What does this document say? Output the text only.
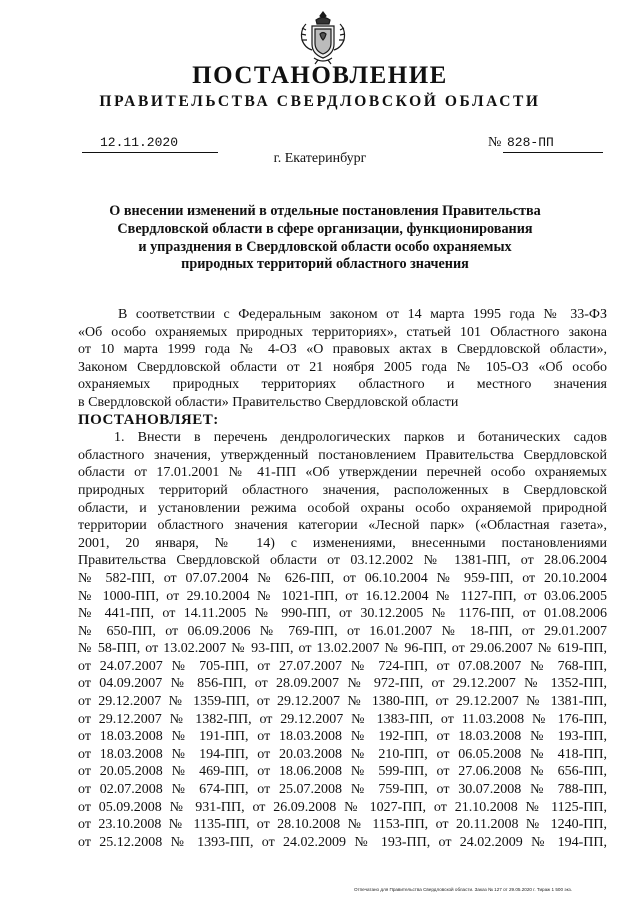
ПОСТАНОВЛЕНИЕ
ПРАВИТЕЛЬСТВА СВЕРДЛОВСКОЙ ОБЛАСТИ
12.11.2020	№ 828-ПП
г. Екатеринбург
О внесении изменений в отдельные постановления Правительства
Свердловской области в сфере организации, функционирования
и упразднения в Свердловской области особо охраняемых
природных территорий областного значения
В соответствии с Федеральным законом от 14 марта 1995 года № 33-ФЗ
«Об особо охраняемых природных территориях», статьей 101 Областного закона
от 10 марта 1999 года № 4-ОЗ «О правовых актах в Свердловской области»,
Законом Свердловской области от 21 ноября 2005 года № 105-ОЗ «Об особо
охраняемых природных территориях областного и местного значения
в Свердловской области» Правительство Свердловской области
ПОСТАНОВЛЯЕТ:
1. Внести в перечень дендрологических парков и ботанических садов
областного значения, утвержденный постановлением Правительства Свердловской
области от 17.01.2001 № 41-ПП «Об утверждении перечней особо охраняемых
природных территорий областного значения, расположенных в Свердловской
области, и установлении режима особой охраны особо охраняемой природной
территории областного значения категории «Лесной парк» («Областная газета»,
2001, 20 января, № 14) с изменениями, внесенными постановлениями
Правительства Свердловской области от 03.12.2002 № 1381-ПП, от 28.06.2004
№ 582-ПП, от 07.07.2004 № 626-ПП, от 06.10.2004 № 959-ПП, от 20.10.2004
№ 1000-ПП, от 29.10.2004 № 1021-ПП, от 16.12.2004 № 1127-ПП, от 03.06.2005
№ 441-ПП, от 14.11.2005 № 990-ПП, от 30.12.2005 № 1176-ПП, от 01.08.2006
№ 650-ПП, от 06.09.2006 № 769-ПП, от 16.01.2007 № 18-ПП, от 29.01.2007
№ 58-ПП, от 13.02.2007 № 93-ПП, от 13.02.2007 № 96-ПП, от 29.06.2007 № 619-ПП,
от 24.07.2007 № 705-ПП, от 27.07.2007 № 724-ПП, от 07.08.2007 № 768-ПП,
от 04.09.2007 № 856-ПП, от 28.09.2007 № 972-ПП, от 29.12.2007 № 1352-ПП,
от 29.12.2007 № 1359-ПП, от 29.12.2007 № 1380-ПП, от 29.12.2007 № 1381-ПП,
от 29.12.2007 № 1382-ПП, от 29.12.2007 № 1383-ПП, от 11.03.2008 № 176-ПП,
от 18.03.2008 № 191-ПП, от 18.03.2008 № 192-ПП, от 18.03.2008 № 193-ПП,
от 18.03.2008 № 194-ПП, от 20.03.2008 № 210-ПП, от 06.05.2008 № 418-ПП,
от 20.05.2008 № 469-ПП, от 18.06.2008 № 599-ПП, от 27.06.2008 № 656-ПП,
от 02.07.2008 № 674-ПП, от 25.07.2008 № 759-ПП, от 30.07.2008 № 788-ПП,
от 05.09.2008 № 931-ПП, от 26.09.2008 № 1027-ПП, от 21.10.2008 № 1125-ПП,
от 23.10.2008 № 1135-ПП, от 28.10.2008 № 1153-ПП, от 20.11.2008 № 1240-ПП,
от 25.12.2008 № 1393-ПП, от 24.02.2009 № 193-ПП, от 24.02.2009 № 194-ПП,
Отпечатано для Правительства Свердловской области. Заказ № 127 от 29.05.2020 г. Тираж 1 500 экз.
